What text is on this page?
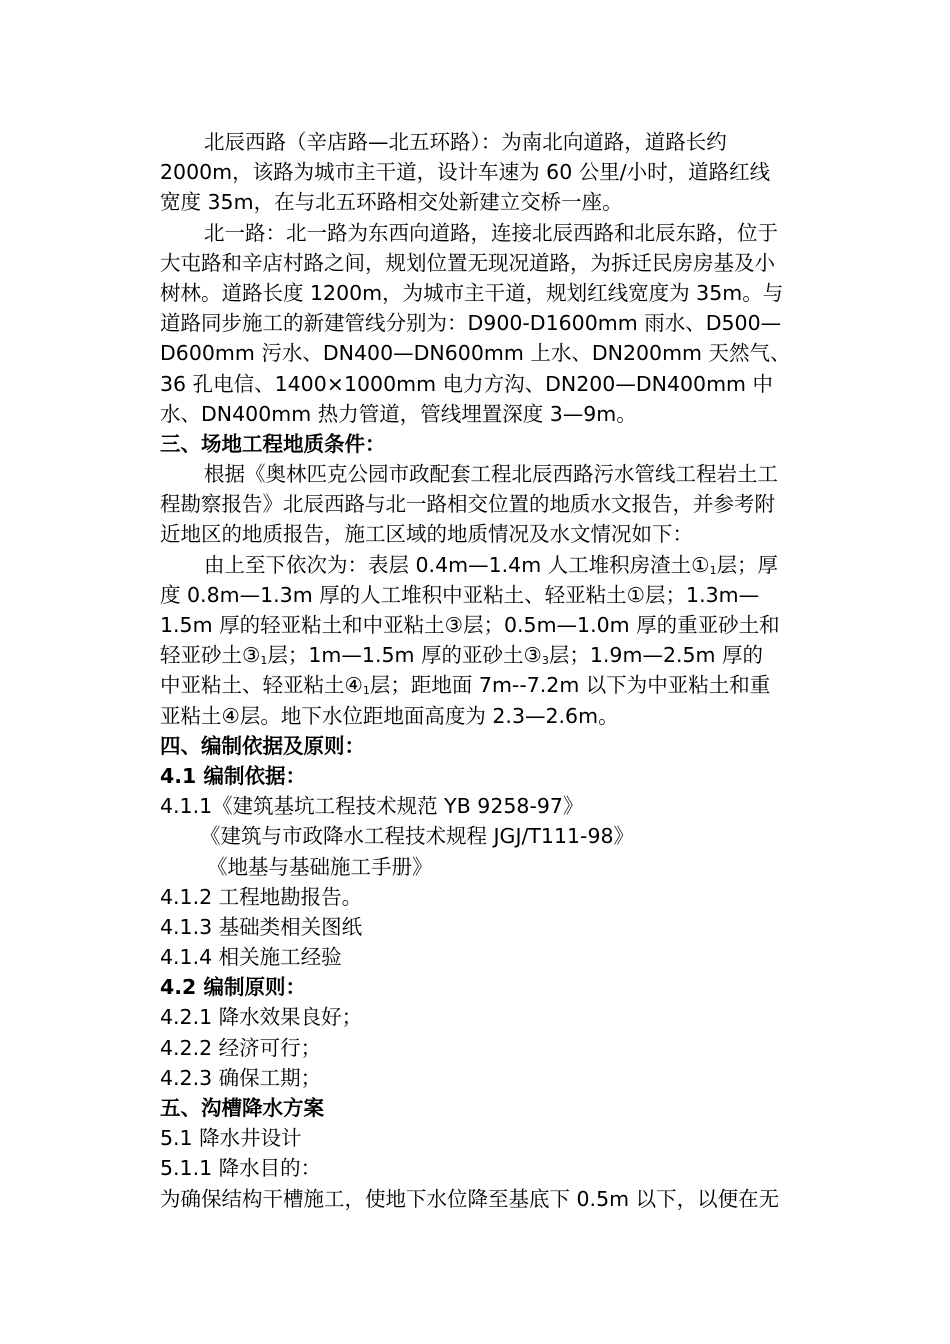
北辰西路（辛店路—北五环路）：为南北向道路，道路长约
2000m，该路为城市主干道，设计车速为 60 公里/小时，道路红线
宽度 35m，在与北五环路相交处新建立交桥一座。
北一路：北一路为东西向道路，连接北辰西路和北辰东路，位于
大屯路和辛店村路之间，规划位置无现况道路，为拆迁民房房基及小
树林。道路长度 1200m，为城市主干道，规划红线宽度为 35m。与
道路同步施工的新建管线分别为：D900-D1600mm 雨水、D500—
D600mm 污水、DN400—DN600mm 上水、DN200mm 天然气、
36 孔电信、1400×1000mm 电力方沟、DN200—DN400mm 中
水、DN400mm 热力管道，管线埋置深度 3—9m。
三、场地工程地质条件：
根据《奥林匹克公园市政配套工程北辰西路污水管线工程岩土工
程勘察报告》北辰西路与北一路相交位置的地质水文报告，并参考附
近地区的地质报告，施工区域的地质情况及水文情况如下：
由上至下依次为：表层 0.4m—1.4m 人工堆积房渣土①1层；厚
度 0.8m—1.3m 厚的人工堆积中亚粘土、轻亚粘土①层；1.3m—
1.5m 厚的轻亚粘土和中亚粘土③层；0.5m—1.0m 厚的重亚砂土和
轻亚砂土③1层；1m—1.5m 厚的亚砂土③3层；1.9m—2.5m 厚的
中亚粘土、轻亚粘土④1层；距地面 7m--7.2m 以下为中亚粘土和重
亚粘土④层。地下水位距地面高度为 2.3—2.6m。
四、编制依据及原则：
4.1 编制依据：
4.1.1《建筑基坑工程技术规范 YB 9258-97》
《建筑与市政降水工程技术规程 JGJ/T111-98》
《地基与基础施工手册》
4.1.2 工程地勘报告。
4.1.3 基础类相关图纸
4.1.4 相关施工经验
4.2 编制原则：
4.2.1 降水效果良好；
4.2.2 经济可行；
4.2.3 确保工期；
五、沟槽降水方案
5.1 降水井设计
5.1.1 降水目的：
为确保结构干槽施工，使地下水位降至基底下 0.5m 以下，以便在无
